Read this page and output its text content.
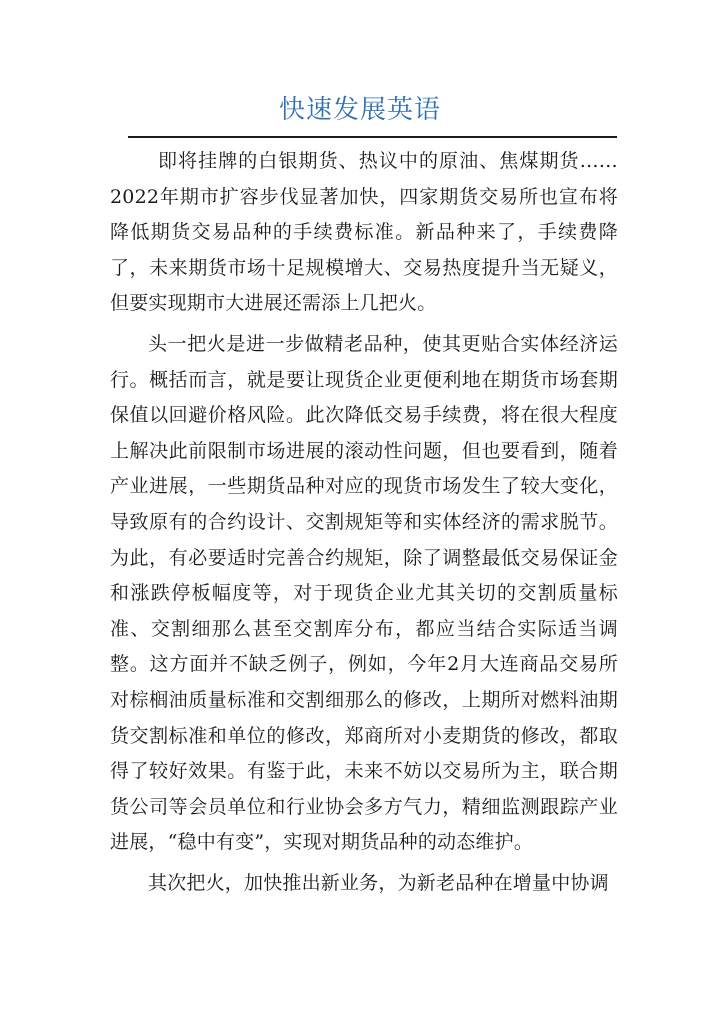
快速发展英语

即将挂牌的白银期货、热议中的原油、焦煤期货……2022年期市扩容步伐显著加快，四家期货交易所也宣布将降低期货交易品种的手续费标准。新品种来了，手续费降了，未来期货市场十足规模增大、交易热度提升当无疑义，但要实现期市大进展还需添上几把火。

头一把火是进一步做精老品种，使其更贴合实体经济运行。概括而言，就是要让现货企业更便利地在期货市场套期保值以回避价格风险。此次降低交易手续费，将在很大程度上解决此前限制市场进展的滚动性问题，但也要看到，随着产业进展，一些期货品种对应的现货市场发生了较大变化，导致原有的合约设计、交割规矩等和实体经济的需求脱节。为此，有必要适时完善合约规矩，除了调整最低交易保证金和涨跌停板幅度等，对于现货企业尤其关切的交割质量标准、交割细那么甚至交割库分布，都应当结合实际适当调整。这方面并不缺乏例子，例如，今年2月大连商品交易所对棕榈油质量标准和交割细那么的修改，上期所对燃料油期货交割标准和单位的修改，郑商所对小麦期货的修改，都取得了较好效果。有鉴于此，未来不妨以交易所为主，联合期货公司等会员单位和行业协会多方气力，精细监测跟踪产业进展，“稳中有变”，实现对期货品种的动态维护。

其次把火，加快推出新业务，为新老品种在增量中协调
